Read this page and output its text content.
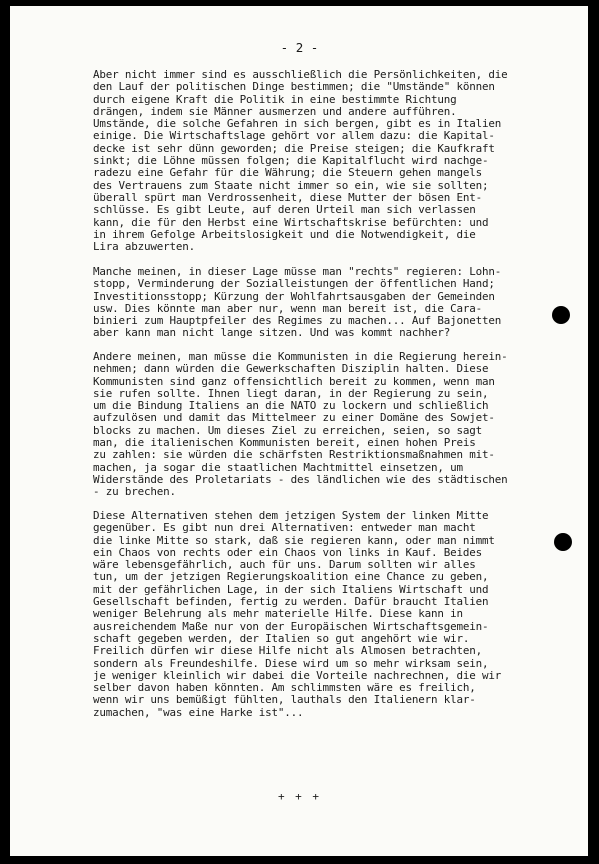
- 2 -
Aber nicht immer sind es ausschließlich die Persönlichkeiten, die
den Lauf der politischen Dinge bestimmen; die "Umstände" können
durch eigene Kraft die Politik in eine bestimmte Richtung
drängen, indem sie Männer ausmerzen und andere aufführen.
Umstände, die solche Gefahren in sich bergen, gibt es in Italien
einige. Die Wirtschaftslage gehört vor allem dazu: die Kapital-
decke ist sehr dünn geworden; die Preise steigen; die Kaufkraft
sinkt; die Löhne müssen folgen; die Kapitalflucht wird nachge-
radezu eine Gefahr für die Währung; die Steuern gehen mangels
des Vertrauens zum Staate nicht immer so ein, wie sie sollten;
überall spürt man Verdrossenheit, diese Mutter der bösen Ent-
schlüsse. Es gibt Leute, auf deren Urteil man sich verlassen
kann, die für den Herbst eine Wirtschaftskrise befürchten: und
in ihrem Gefolge Arbeitslosigkeit und die Notwendigkeit, die
Lira abzuwerten.
Manche meinen, in dieser Lage müsse man "rechts" regieren: Lohn-
stopp, Verminderung der Sozialleistungen der öffentlichen Hand;
Investitionsstopp; Kürzung der Wohlfahrtsausgaben der Gemeinden
usw. Dies könnte man aber nur, wenn man bereit ist, die Cara-
binieri zum Hauptpfeiler des Regimes zu machen... Auf Bajonetten
aber kann man nicht lange sitzen. Und was kommt nachher?
Andere meinen, man müsse die Kommunisten in die Regierung herein-
nehmen; dann würden die Gewerkschaften Disziplin halten. Diese
Kommunisten sind ganz offensichtlich bereit zu kommen, wenn man
sie rufen sollte. Ihnen liegt daran, in der Regierung zu sein,
um die Bindung Italiens an die NATO zu lockern und schließlich
aufzulösen und damit das Mittelmeer zu einer Domäne des Sowjet-
blocks zu machen. Um dieses Ziel zu erreichen, seien, so sagt
man, die italienischen Kommunisten bereit, einen hohen Preis
zu zahlen: sie würden die schärfsten Restriktionsmaßnahmen mit-
machen, ja sogar die staatlichen Machtmittel einsetzen, um
Widerstände des Proletariats - des ländlichen wie des städtischen
- zu brechen.
Diese Alternativen stehen dem jetzigen System der linken Mitte
gegenüber. Es gibt nun drei Alternativen: entweder man macht
die linke Mitte so stark, daß sie regieren kann, oder man nimmt
ein Chaos von rechts oder ein Chaos von links in Kauf. Beides
wäre lebensgefährlich, auch für uns. Darum sollten wir alles
tun, um der jetzigen Regierungskoalition eine Chance zu geben,
mit der gefährlichen Lage, in der sich Italiens Wirtschaft und
Gesellschaft befinden, fertig zu werden. Dafür braucht Italien
weniger Belehrung als mehr materielle Hilfe. Diese kann in
ausreichendem Maße nur von der Europäischen Wirtschaftsgemein-
schaft gegeben werden, der Italien so gut angehört wie wir.
Freilich dürfen wir diese Hilfe nicht als Almosen betrachten,
sondern als Freundeshilfe. Diese wird um so mehr wirksam sein,
je weniger kleinlich wir dabei die Vorteile nachrechnen, die wir
selber davon haben könnten. Am schlimmsten wäre es freilich,
wenn wir uns bemüßigt fühlten, lauthals den Italienern klar-
zumachen, "was eine Harke ist"...
+ + +
